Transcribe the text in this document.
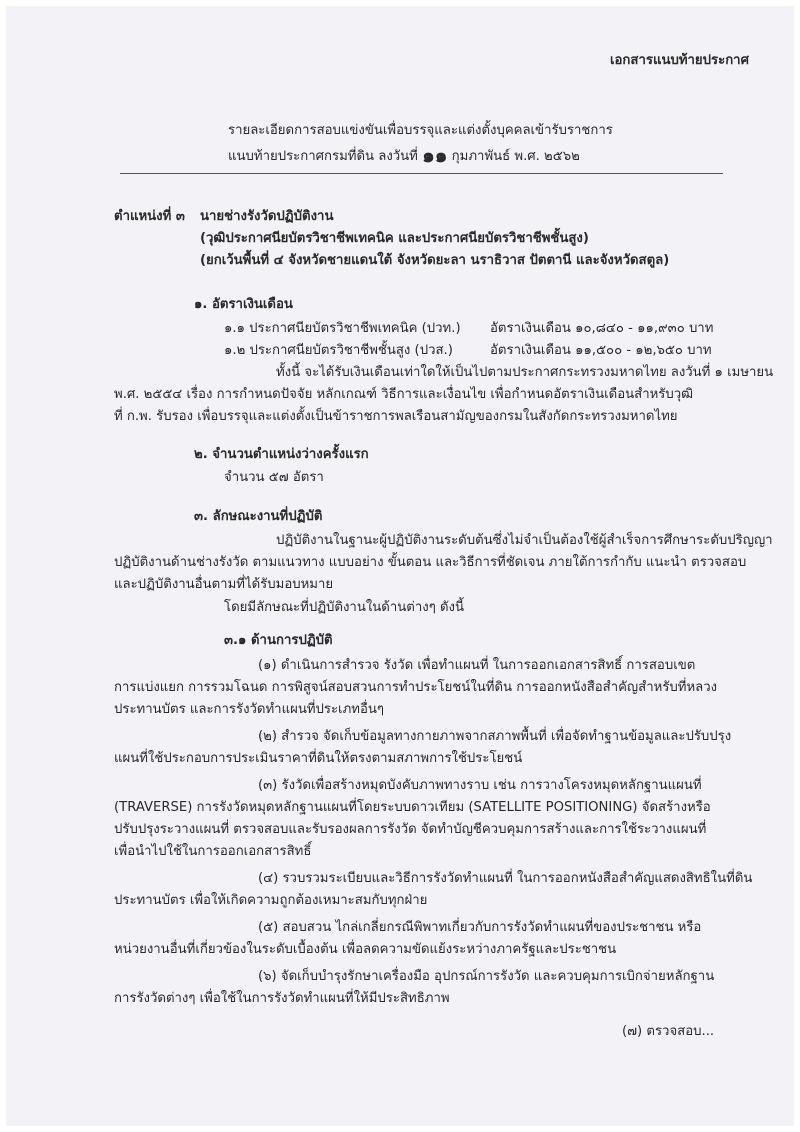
เอกสารแนบท้ายประกาศ
รายละเอียดการสอบแข่งขันเพื่อบรรจุและแต่งตั้งบุคคลเข้ารับราชการ
แนบท้ายประกาศกรมที่ดิน ลงวันที่ ๑๑ กุมภาพันธ์ พ.ศ. ๒๕๖๒
ตำแหน่งที่ ๓ นายช่างรังวัดปฏิบัติงาน
(วุฒิประกาศนียบัตรวิชาชีพเทคนิค และประกาศนียบัตรวิชาชีพชั้นสูง)
(ยกเว้นพื้นที่ ๔ จังหวัดชายแดนใต้ จังหวัดยะลา นราธิวาส ปัตตานี และจังหวัดสตูล)
๑. อัตราเงินเดือน
๑.๑ ประกาศนียบัตรวิชาชีพเทคนิค (ปวท.) อัตราเงินเดือน ๑๐,๘๔๐ - ๑๑,๙๓๐ บาท
๑.๒ ประกาศนียบัตรวิชาชีพชั้นสูง (ปวส.)	อัตราเงินเดือน ๑๑,๕๐๐ - ๑๒,๖๕๐ บาท
ทั้งนี้ จะได้รับเงินเดือนเท่าใดให้เป็นไปตามประกาศกระทรวงมหาดไทย ลงวันที่ ๑ เมษายน
พ.ศ. ๒๕๕๔ เรื่อง การกำหนดปัจจัย หลักเกณฑ์ วิธีการและเงื่อนไข เพื่อกำหนดอัตราเงินเดือนสำหรับวุฒิ
ที่ ก.พ. รับรอง เพื่อบรรจุและแต่งตั้งเป็นข้าราชการพลเรือนสามัญของกรมในสังกัดกระทรวงมหาดไทย
๒. จำนวนตำแหน่งว่างครั้งแรก
จำนวน ๕๗ อัตรา
๓. ลักษณะงานที่ปฏิบัติ
ปฏิบัติงานในฐานะผู้ปฏิบัติงานระดับต้นซึ่งไม่จำเป็นต้องใช้ผู้สำเร็จการศึกษาระดับปริญญา
ปฏิบัติงานด้านช่างรังวัด ตามแนวทาง แบบอย่าง ขั้นตอน และวิธีการที่ชัดเจน ภายใต้การกำกับ แนะนำ ตรวจสอบ
และปฏิบัติงานอื่นตามที่ได้รับมอบหมาย
โดยมีลักษณะที่ปฏิบัติงานในด้านต่างๆ ดังนี้
๓.๑ ด้านการปฏิบัติ
(๑) ดำเนินการสำรวจ รังวัด เพื่อทำแผนที่ ในการออกเอกสารสิทธิ์ การสอบเขต
การแบ่งแยก การรวมโฉนด การพิสูจน์สอบสวนการทำประโยชน์ในที่ดิน การออกหนังสือสำคัญสำหรับที่หลวง
ประทานบัตร และการรังวัดทำแผนที่ประเภทอื่นๆ
(๒) สำรวจ จัดเก็บข้อมูลทางกายภาพจากสภาพพื้นที่ เพื่อจัดทำฐานข้อมูลและปรับปรุง
แผนที่ใช้ประกอบการประเมินราคาที่ดินให้ตรงตามสภาพการใช้ประโยชน์
(๓) รังวัดเพื่อสร้างหมุดบังคับภาพทางราบ เช่น การวางโครงหมุดหลักฐานแผนที่
(TRAVERSE) การรังวัดหมุดหลักฐานแผนที่โดยระบบดาวเทียม (SATELLITE POSITIONING) จัดสร้างหรือ
ปรับปรุงระวางแผนที่ ตรวจสอบและรับรองผลการรังวัด จัดทำบัญชีควบคุมการสร้างและการใช้ระวางแผนที่
เพื่อนำไปใช้ในการออกเอกสารสิทธิ์
(๔) รวบรวมระเบียบและวิธีการรังวัดทำแผนที่ ในการออกหนังสือสำคัญแสดงสิทธิในที่ดิน
ประทานบัตร เพื่อให้เกิดความถูกต้องเหมาะสมกับทุกฝ่าย
(๕) สอบสวน ไกล่เกลี่ยกรณีพิพาทเกี่ยวกับการรังวัดทำแผนที่ของประชาชน หรือ
หน่วยงานอื่นที่เกี่ยวข้องในระดับเบื้องต้น เพื่อลดความขัดแย้งระหว่างภาครัฐและประชาชน
(๖) จัดเก็บบำรุงรักษาเครื่องมือ อุปกรณ์การรังวัด และควบคุมการเบิกจ่ายหลักฐาน
การรังวัดต่างๆ เพื่อใช้ในการรังวัดทำแผนที่ให้มีประสิทธิภาพ
(๗) ตรวจสอบ...
